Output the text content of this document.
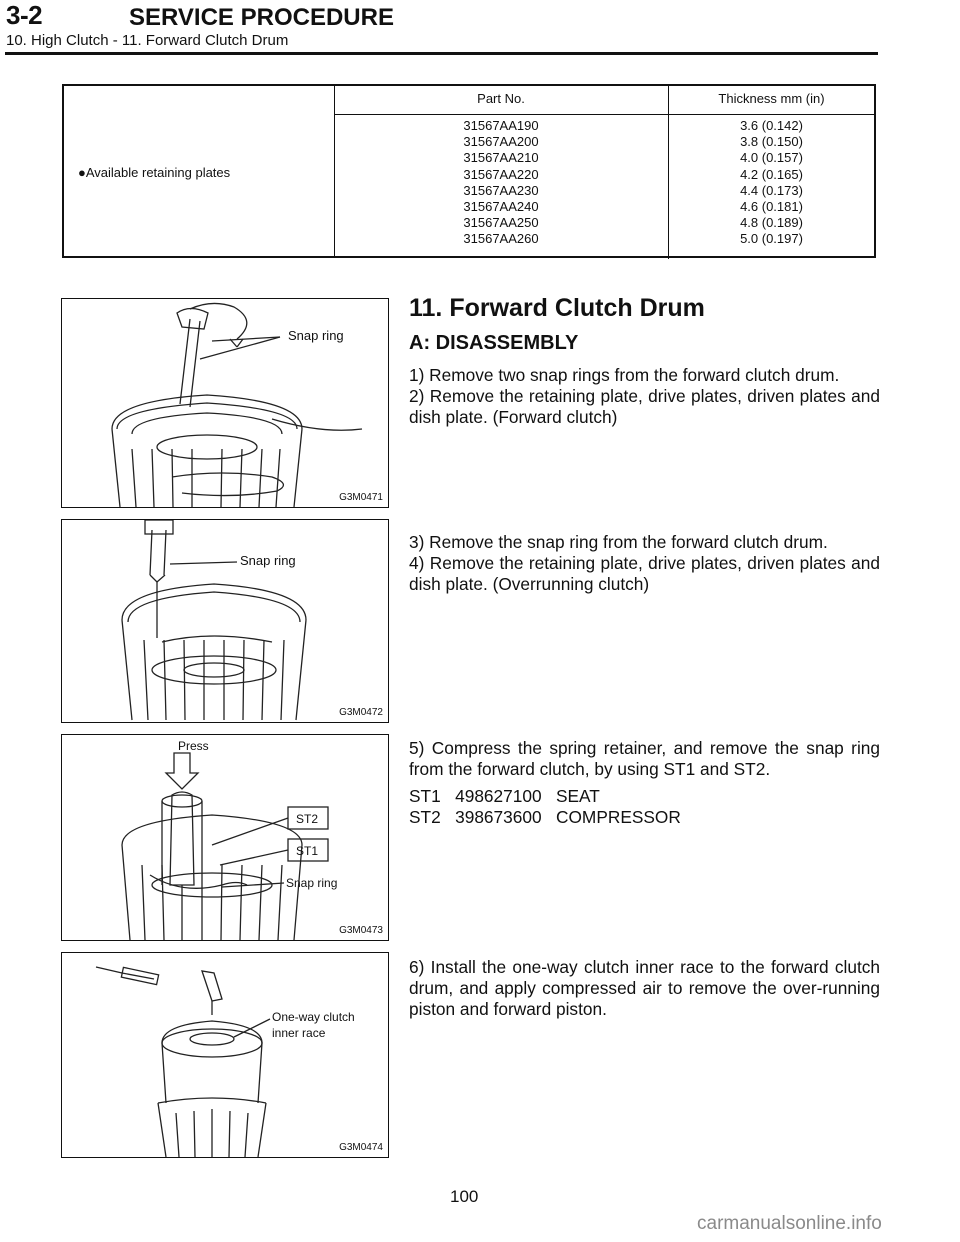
3-2	SERVICE PROCEDURE
10. High Clutch - 11. Forward Clutch Drum
●Available retaining plates
Part No.	Thickness mm (in)
31567AA190
31567AA200
31567AA210
31567AA220
31567AA230
31567AA240
31567AA250
31567AA260
3.6 (0.142)
3.8 (0.150)
4.0 (0.157)
4.2 (0.165)
4.4 (0.173)
4.6 (0.181)
4.8 (0.189)
5.0 (0.197)
Snap ring
G3M0471
Snap ring
G3M0472
Press
ST2
ST1
Snap ring
G3M0473
One-way clutch
inner race
G3M0474
11. Forward Clutch Drum
A: DISASSEMBLY
1) Remove two snap rings from the forward clutch drum.
2) Remove the retaining plate, drive plates, driven plates and dish plate. (Forward clutch)
3) Remove the snap ring from the forward clutch drum.
4) Remove the retaining plate, drive plates, driven plates and dish plate. (Overrunning clutch)
5) Compress the spring retainer, and remove the snap ring from the forward clutch, by using ST1 and ST2.
ST1   498627100   SEAT
ST2   398673600   COMPRESSOR
6) Install the one-way clutch inner race to the forward clutch drum, and apply compressed air to remove the over-running piston and forward piston.
100
carmanualsonline.info
